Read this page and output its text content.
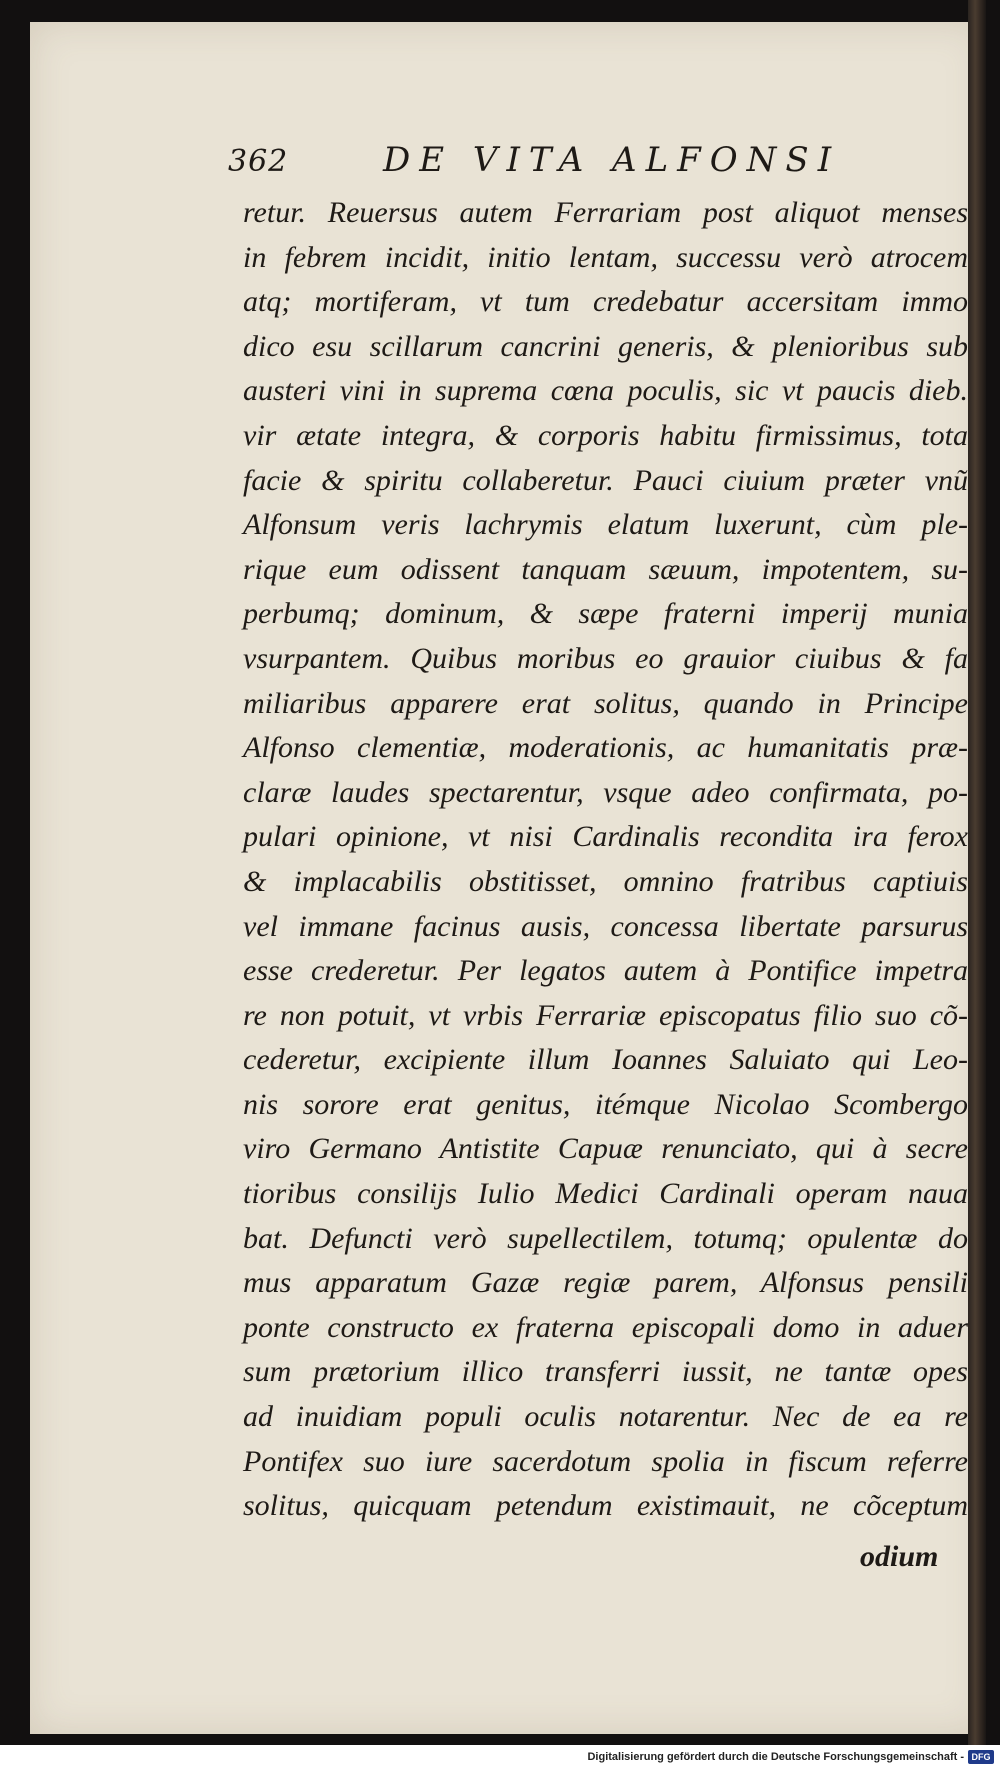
362	DE VITA ALFONSI
retur. Reuersus autem Ferrariam post aliquot menses
in febrem incidit, initio lentam, successu verò atrocem
atq; mortiferam, vt tum credebatur accersitam immo
dico esu scillarum cancrini generis, & plenioribus sub
austeri vini in suprema cœna poculis, sic vt paucis dieb.
vir ætate integra, & corporis habitu firmissimus, tota
facie & spiritu collaberetur. Pauci ciuium præter vnũ
Alfonsum veris lachrymis elatum luxerunt, cùm ple-
rique eum odissent tanquam sæuum, impotentem, su-
perbumq; dominum, & sæpe fraterni imperij munia
vsurpantem. Quibus moribus eo grauior ciuibus & fa
miliaribus apparere erat solitus, quando in Principe
Alfonso clementiæ, moderationis, ac humanitatis præ-
claræ laudes spectarentur, vsque adeo confirmata, po-
pulari opinione, vt nisi Cardinalis recondita ira ferox
& implacabilis obstitisset, omnino fratribus captiuis
vel immane facinus ausis, concessa libertate parsurus
esse crederetur. Per legatos autem à Pontifice impetra
re non potuit, vt vrbis Ferrariæ episcopatus filio suo cõ-
cederetur, excipiente illum Ioannes Saluiato qui Leo-
nis sorore erat genitus, itémque Nicolao Scombergo
viro Germano Antistite Capuæ renunciato, qui à secre
tioribus consilijs Iulio Medici Cardinali operam naua
bat. Defuncti verò supellectilem, totumq; opulentæ do
mus apparatum Gazæ regiæ parem, Alfonsus pensili
ponte constructo ex fraterna episcopali domo in aduer
sum prætorium illico transferri iussit, ne tantæ opes
ad inuidiam populi oculis notarentur. Nec de ea re
Pontifex suo iure sacerdotum spolia in fiscum referre
solitus, quicquam petendum existimauit, ne cõceptum
odium
Digitalisierung gefördert durch die Deutsche Forschungsgemeinschaft - DFG
